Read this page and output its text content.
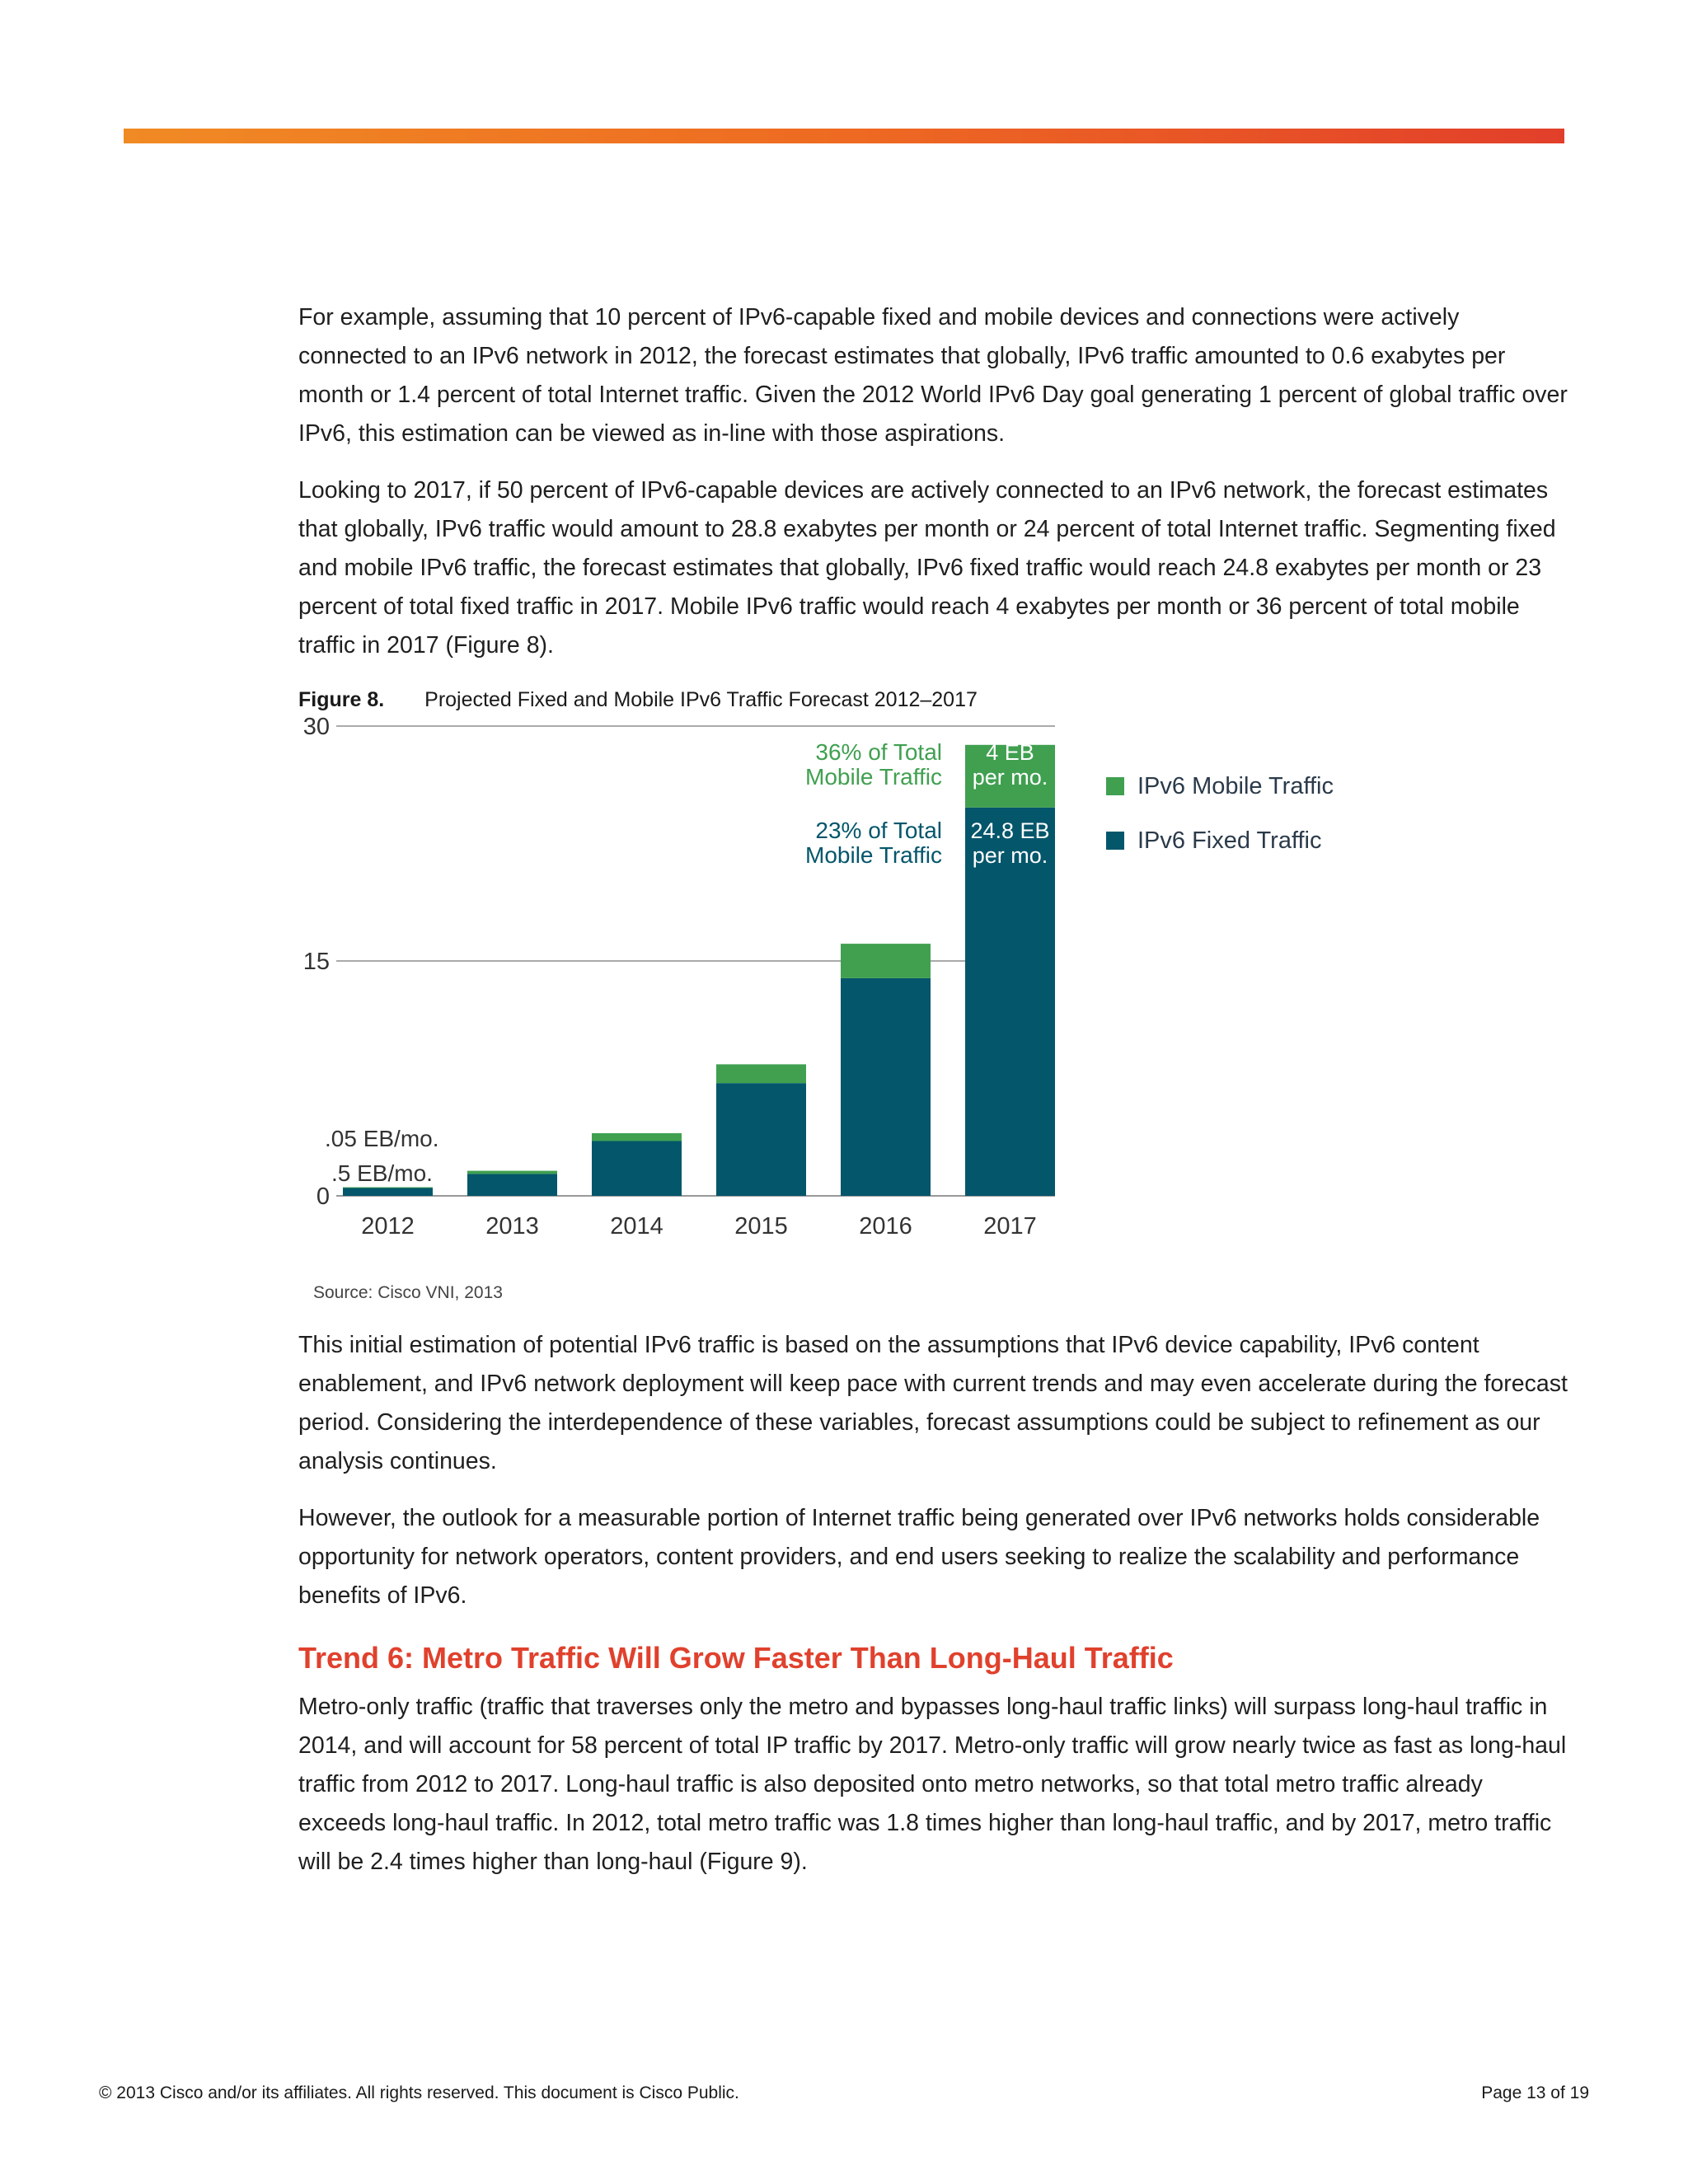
For example, assuming that 10 percent of IPv6-capable fixed and mobile devices and connections were actively connected to an IPv6 network in 2012, the forecast estimates that globally, IPv6 traffic amounted to 0.6 exabytes per month or 1.4 percent of total Internet traffic. Given the 2012 World IPv6 Day goal generating 1 percent of global traffic over IPv6, this estimation can be viewed as in-line with those aspirations.

Looking to 2017, if 50 percent of IPv6-capable devices are actively connected to an IPv6 network, the forecast estimates that globally, IPv6 traffic would amount to 28.8 exabytes per month or 24 percent of total Internet traffic. Segmenting fixed and mobile IPv6 traffic, the forecast estimates that globally, IPv6 fixed traffic would reach 24.8 exabytes per month or 23 percent of total fixed traffic in 2017. Mobile IPv6 traffic would reach 4 exabytes per month or 36 percent of total mobile traffic in 2017 (Figure 8).

Figure 8. Projected Fixed and Mobile IPv6 Traffic Forecast 2012–2017
0
15
30
2012	2013	2014	2015	2016	2017
4 EB
per mo.
24.8 EB
per mo.
36% of Total
Mobile Traffic
23% of Total
Mobile Traffic
.05 EB/mo.
.5 EB/mo.
Source: Cisco VNI, 2013
IPv6 Mobile Traffic
IPv6 Fixed Traffic

This initial estimation of potential IPv6 traffic is based on the assumptions that IPv6 device capability, IPv6 content enablement, and IPv6 network deployment will keep pace with current trends and may even accelerate during the forecast period. Considering the interdependence of these variables, forecast assumptions could be subject to refinement as our analysis continues.

However, the outlook for a measurable portion of Internet traffic being generated over IPv6 networks holds considerable opportunity for network operators, content providers, and end users seeking to realize the scalability and performance benefits of IPv6.

Trend 6: Metro Traffic Will Grow Faster Than Long-Haul Traffic

Metro-only traffic (traffic that traverses only the metro and bypasses long-haul traffic links) will surpass long-haul traffic in 2014, and will account for 58 percent of total IP traffic by 2017. Metro-only traffic will grow nearly twice as fast as long-haul traffic from 2012 to 2017. Long-haul traffic is also deposited onto metro networks, so that total metro traffic already exceeds long-haul traffic. In 2012, total metro traffic was 1.8 times higher than long-haul traffic, and by 2017, metro traffic will be 2.4 times higher than long-haul (Figure 9).

© 2013 Cisco and/or its affiliates. All rights reserved. This document is Cisco Public.	Page 13 of 19
